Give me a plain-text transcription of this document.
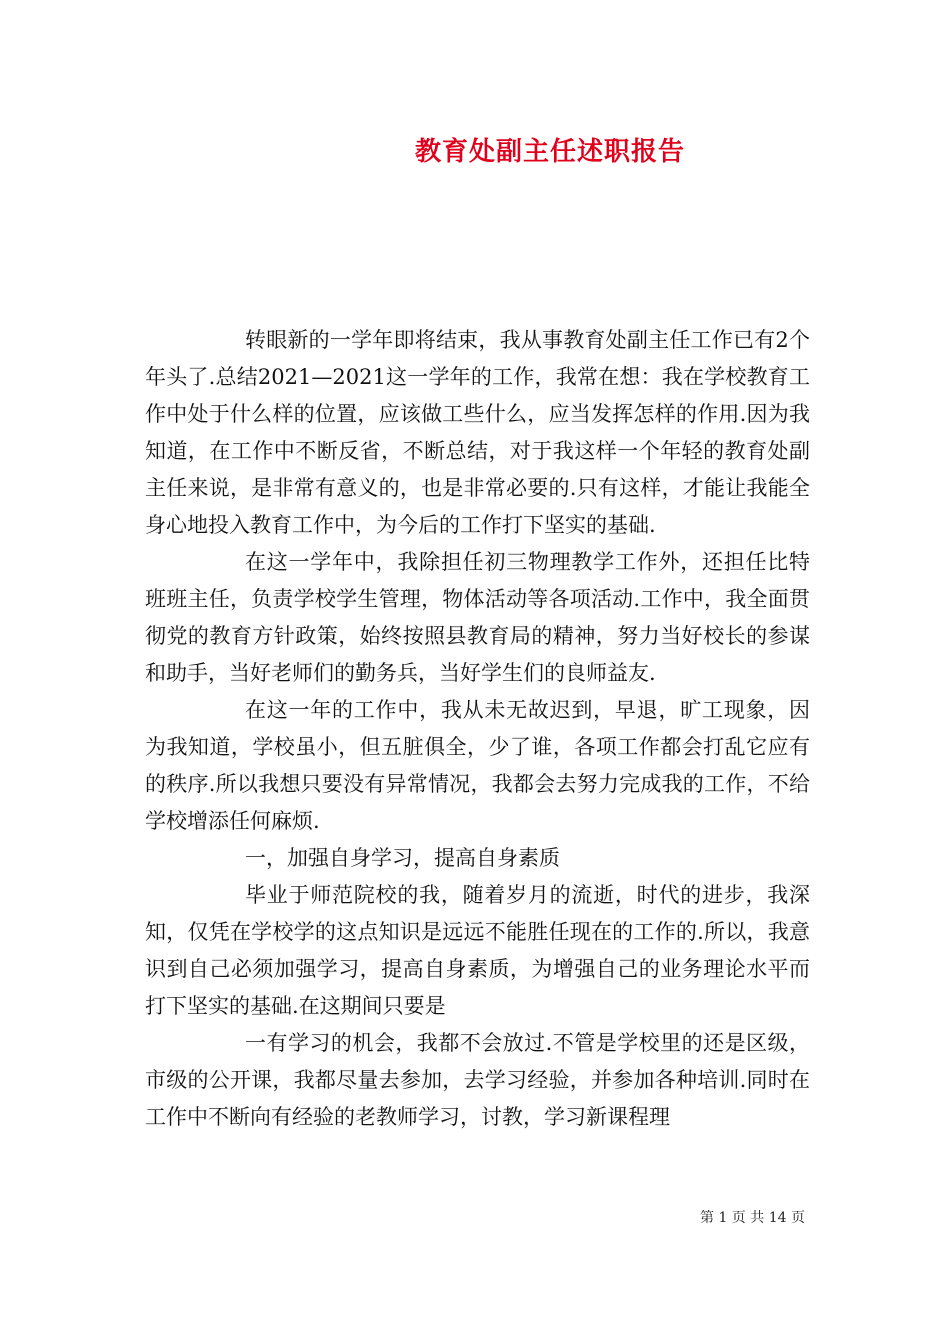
教育处副主任述职报告

转眼新的一学年即将结束，我从事教育处副主任工作已有2个年头了.总结2021—2021这一学年的工作，我常在想：我在学校教育工作中处于什么样的位置，应该做工些什么，应当发挥怎样的作用.因为我知道，在工作中不断反省，不断总结，对于我这样一个年轻的教育处副主任来说，是非常有意义的，也是非常必要的.只有这样，才能让我能全身心地投入教育工作中，为今后的工作打下坚实的基础.

在这一学年中，我除担任初三物理教学工作外，还担任比特班班主任，负责学校学生管理，物体活动等各项活动.工作中，我全面贯彻党的教育方针政策，始终按照县教育局的精神，努力当好校长的参谋和助手，当好老师们的勤务兵，当好学生们的良师益友.

在这一年的工作中，我从未无故迟到，早退，旷工现象，因为我知道，学校虽小，但五脏俱全，少了谁，各项工作都会打乱它应有的秩序.所以我想只要没有异常情况，我都会去努力完成我的工作，不给学校增添任何麻烦.

一，加强自身学习，提高自身素质

毕业于师范院校的我，随着岁月的流逝，时代的进步，我深知，仅凭在学校学的这点知识是远远不能胜任现在的工作的.所以，我意识到自己必须加强学习，提高自身素质，为增强自己的业务理论水平而打下坚实的基础.在这期间只要是

一有学习的机会，我都不会放过.不管是学校里的还是区级，市级的公开课，我都尽量去参加，去学习经验，并参加各种培训.同时在工作中不断向有经验的老教师学习，讨教，学习新课程理

第 1 页 共 14 页
